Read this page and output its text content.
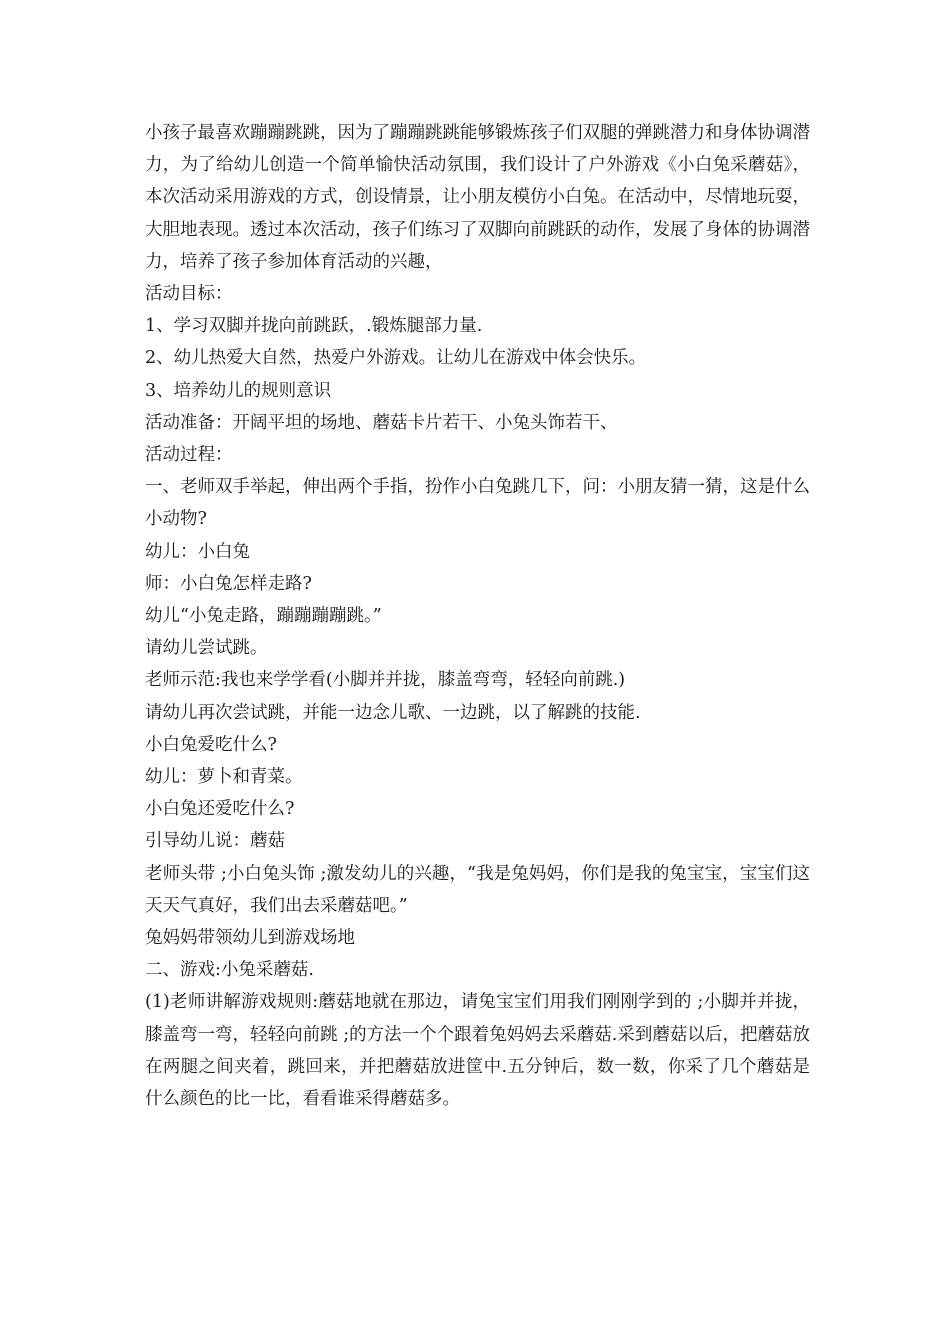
小孩子最喜欢蹦蹦跳跳，因为了蹦蹦跳跳能够锻炼孩子们双腿的弹跳潜力和身体协调潜力，为了给幼儿创造一个简单愉快活动氛围，我们设计了户外游戏《小白兔采蘑菇》，本次活动采用游戏的方式，创设情景，让小朋友模仿小白兔。在活动中，尽情地玩耍，大胆地表现。透过本次活动，孩子们练习了双脚向前跳跃的动作，发展了身体的协调潜力，培养了孩子参加体育活动的兴趣，

活动目标：

1、学习双脚并拢向前跳跃，.锻炼腿部力量.

2、幼儿热爱大自然，热爱户外游戏。让幼儿在游戏中体会快乐。

3、培养幼儿的规则意识

活动准备：开阔平坦的场地、蘑菇卡片若干、小兔头饰若干、

活动过程：

一、老师双手举起，伸出两个手指，扮作小白兔跳几下，问：小朋友猜一猜，这是什么小动物?

幼儿：小白兔

师：小白兔怎样走路?

幼儿“小兔走路，蹦蹦蹦蹦跳。”

请幼儿尝试跳。

老师示范:我也来学学看(小脚并并拢，膝盖弯弯，轻轻向前跳.)

请幼儿再次尝试跳，并能一边念儿歌、一边跳，以了解跳的技能.

小白兔爱吃什么?

幼儿：萝卜和青菜。

小白兔还爱吃什么?

引导幼儿说：蘑菇

老师头带 ;小白兔头饰 ;激发幼儿的兴趣，“我是兔妈妈，你们是我的兔宝宝，宝宝们这天天气真好，我们出去采蘑菇吧。”

兔妈妈带领幼儿到游戏场地

二、游戏:小兔采蘑菇.

(1)老师讲解游戏规则:蘑菇地就在那边，请兔宝宝们用我们刚刚学到的 ;小脚并并拢，膝盖弯一弯，轻轻向前跳 ;的方法一个个跟着兔妈妈去采蘑菇.采到蘑菇以后，把蘑菇放在两腿之间夹着，跳回来，并把蘑菇放进筐中.五分钟后，数一数，你采了几个蘑菇是什么颜色的比一比，看看谁采得蘑菇多。
